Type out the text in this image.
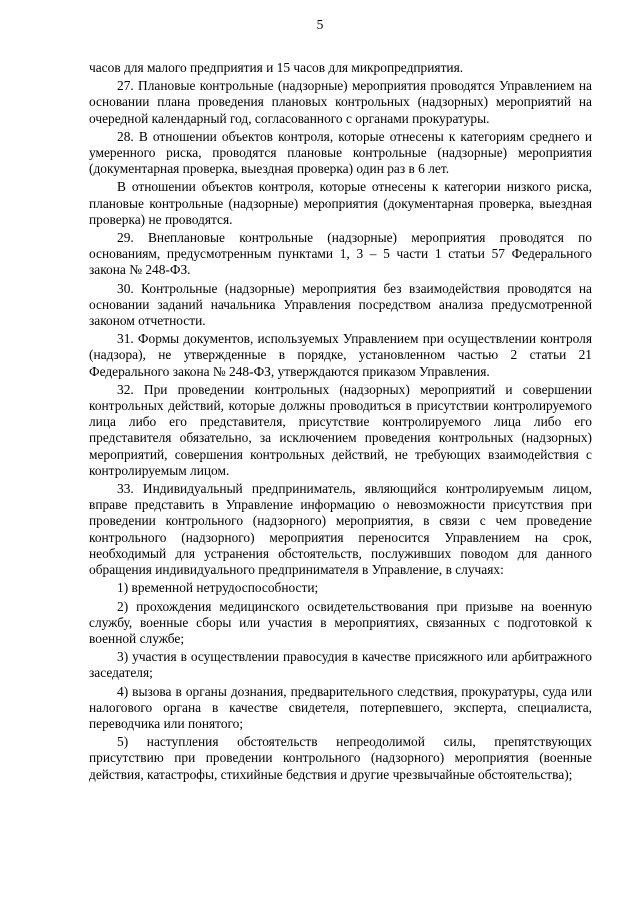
5

часов для малого предприятия и 15 часов для микропредприятия.

27. Плановые контрольные (надзорные) мероприятия проводятся Управлением на основании плана проведения плановых контрольных (надзорных) мероприятий на очередной календарный год, согласованного с органами прокуратуры.

28. В отношении объектов контроля, которые отнесены к категориям среднего и умеренного риска, проводятся плановые контрольные (надзорные) мероприятия (документарная проверка, выездная проверка) один раз в 6 лет.

В отношении объектов контроля, которые отнесены к категории низкого риска, плановые контрольные (надзорные) мероприятия (документарная проверка, выездная проверка) не проводятся.

29. Внеплановые контрольные (надзорные) мероприятия проводятся по основаниям, предусмотренным пунктами 1, 3 – 5 части 1 статьи 57 Федерального закона № 248-ФЗ.

30. Контрольные (надзорные) мероприятия без взаимодействия проводятся на основании заданий начальника Управления посредством анализа предусмотренной законом отчетности.

31. Формы документов, используемых Управлением при осуществлении контроля (надзора), не утвержденные в порядке, установленном частью 2 статьи 21 Федерального закона № 248-ФЗ, утверждаются приказом Управления.

32. При проведении контрольных (надзорных) мероприятий и совершении контрольных действий, которые должны проводиться в присутствии контролируемого лица либо его представителя, присутствие контролируемого лица либо его представителя обязательно, за исключением проведения контрольных (надзорных) мероприятий, совершения контрольных действий, не требующих взаимодействия с контролируемым лицом.

33. Индивидуальный предприниматель, являющийся контролируемым лицом, вправе представить в Управление информацию о невозможности присутствия при проведении контрольного (надзорного) мероприятия, в связи с чем проведение контрольного (надзорного) мероприятия переносится Управлением на срок, необходимый для устранения обстоятельств, послуживших поводом для данного обращения индивидуального предпринимателя в Управление, в случаях:

1) временной нетрудоспособности;

2) прохождения медицинского освидетельствования при призыве на военную службу, военные сборы или участия в мероприятиях, связанных с подготовкой к военной службе;

3) участия в осуществлении правосудия в качестве присяжного или арбитражного заседателя;

4) вызова в органы дознания, предварительного следствия, прокуратуры, суда или налогового органа в качестве свидетеля, потерпевшего, эксперта, специалиста, переводчика или понятого;

5) наступления обстоятельств непреодолимой силы, препятствующих присутствию при проведении контрольного (надзорного) мероприятия (военные действия, катастрофы, стихийные бедствия и другие чрезвычайные обстоятельства);
